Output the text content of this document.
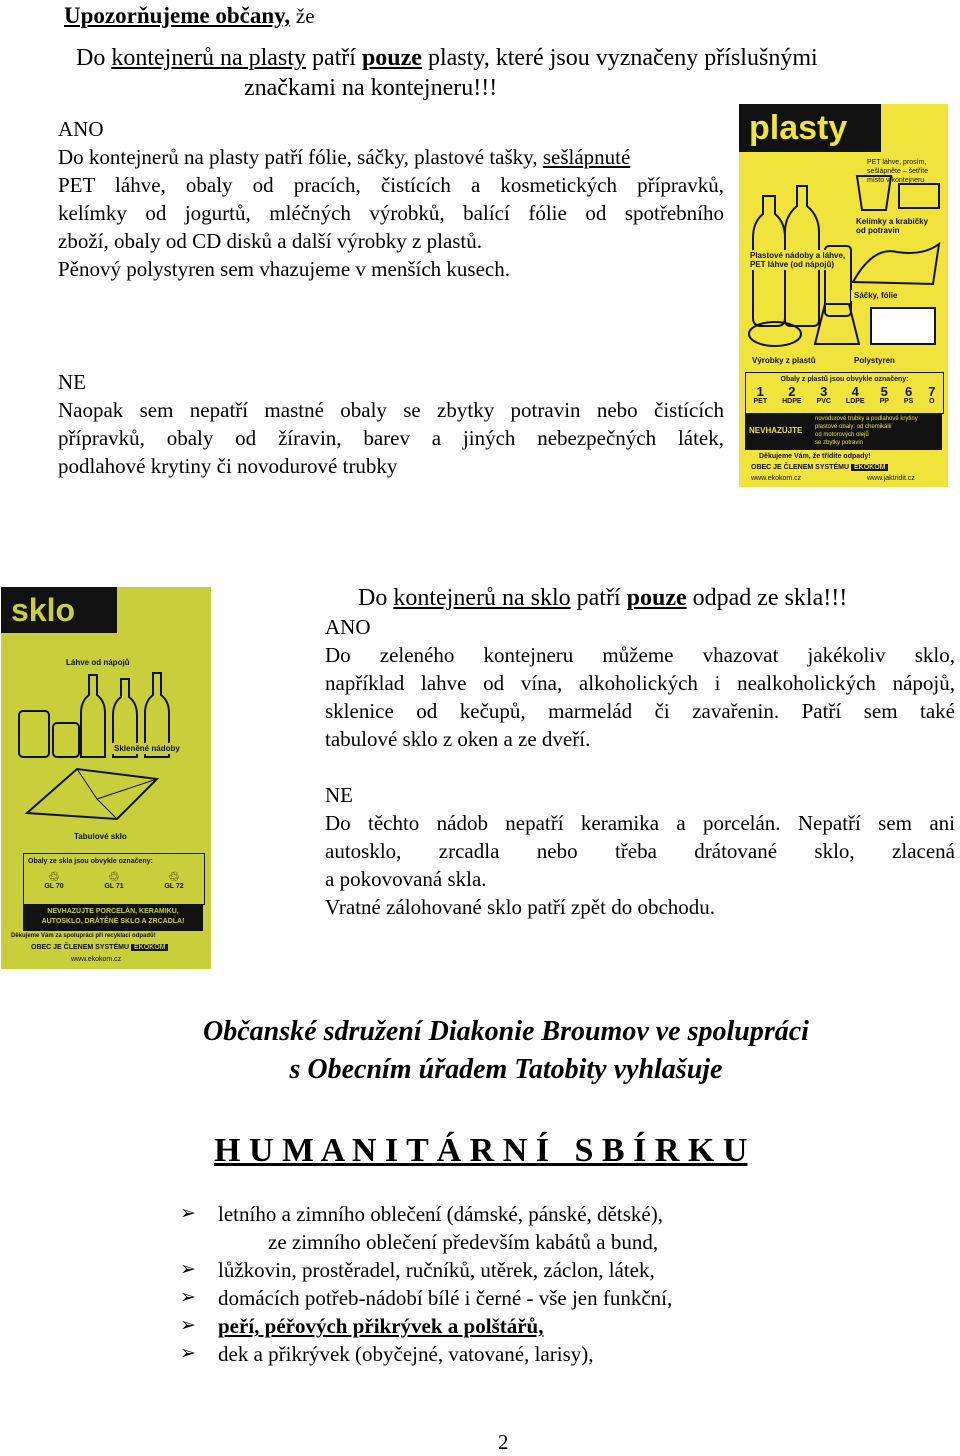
Upozorňujeme občany, že

Do kontejnerů na plasty patří pouze plasty, které jsou vyznačeny příslušnými

značkami na kontejneru!!!

ANO

Do kontejnerů na plasty patří fólie, sáčky, plastové tašky, sešlápnuté

PET láhve, obaly od pracích, čistících a kosmetických přípravků,

kelímky od jogurtů, mléčných výrobků, balící fólie od spotřebního

zboží, obaly od CD disků a další výrobky z plastů.

Pěnový polystyren sem vhazujeme v menších kusech.

NE

Naopak sem nepatří mastné obaly se zbytky potravin nebo čistících

přípravků, obaly od žíravin, barev a jiných nebezpečných látek,

podlahové krytiny či novodurové trubky

plasty
PET láhve, prosím, sešlápněte – šetříte místo v kontejneru
Kelímky a krabičky od potravin
Plastové nádoby a láhve, PET láhve (od nápojů)
Sáčky, fólie
Výrobky z plastů	Polystyren
Obaly z plastů jsou obvykle označeny:
1
PET
2
HDPE
3
PVC
4
LDPE
5
PP
6
PS
7
O
NEVHAZUJTE
novodurové trubky a podlahové krytiny
plastové obaly: od chemikálií
od motorových olejů
se zbytky potravin
Děkujeme Vám, že třídíte odpady!
OBEC JE ČLENEM SYSTÉMU EKOKOM
www.ekokom.cz	www.jaktridit.cz
sklo
Láhve od nápojů
Skleněné nádoby
Tabulové sklo
Obaly ze skla jsou obvykle označeny:
♲
GL 70
♲
GL 71
♲
GL 72
NEVHAZUJTE PORCELÁN, KERAMIKU,
AUTOSKLO, DRÁTĚNÉ SKLO A ZRCADLA!
Děkujeme Vám za spolupráci při recyklaci odpadů!
OBEC JE ČLENEM SYSTÉMU EKOKOM
www.ekokom.cz

Do kontejnerů na sklo patří pouze odpad ze skla!!!

ANO

Do zeleného kontejneru můžeme vhazovat jakékoliv sklo,

například lahve od vína, alkoholických i nealkoholických nápojů,

sklenice od kečupů, marmelád či zavařenin. Patří sem také

tabulové sklo z oken a ze dveří.

NE

Do těchto nádob nepatří keramika a porcelán. Nepatří sem ani

autosklo, zrcadla nebo třeba drátované sklo, zlacená

a pokovovaná skla.

Vratné zálohované sklo patří zpět do obchodu.

Občanské sdružení Diakonie Broumov ve spolupráci

s Obecním úřadem Tatobity vyhlašuje

H U M A N I T Á R N Í   S B Í R K U

➢	letního a zimního oblečení (dámské, pánské, dětské),

ze zimního oblečení především kabátů a bund,

➢	lůžkovin, prostěradel, ručníků, utěrek, záclon, látek,

➢	domácích potřeb-nádobí bílé i černé - vše jen funkční,

➢	peří, péřových přikrývek a polštářů,

➢	dek a přikrývek (obyčejné, vatované, larisy),

2
